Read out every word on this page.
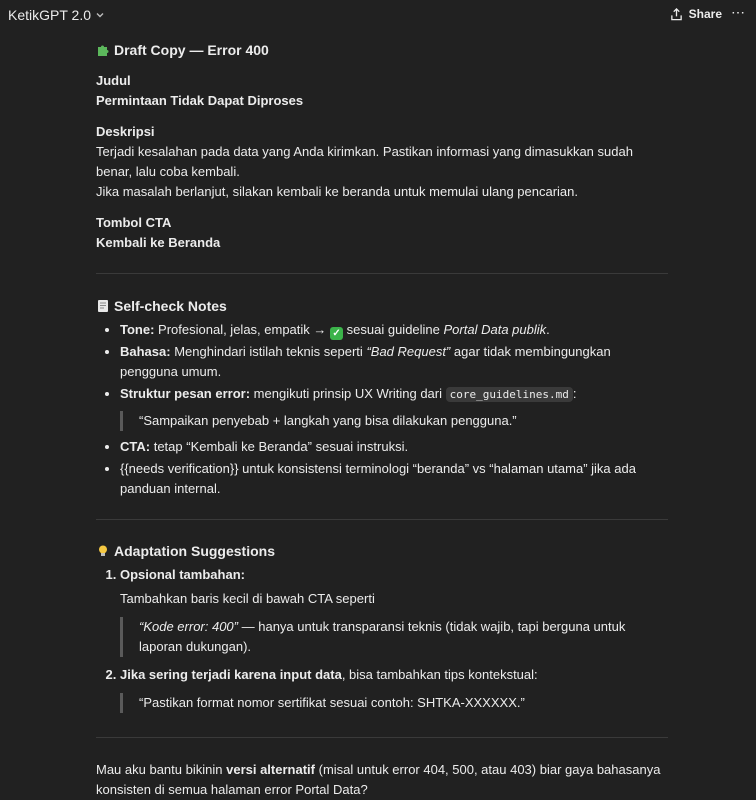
KetikGPT 2.0	Share ⋯
Draft Copy — Error 400

Judul

Permintaan Tidak Dapat Diproses

Deskripsi

Terjadi kesalahan pada data yang Anda kirimkan. Pastikan informasi yang dimasukkan sudah benar, lalu coba kembali.

Jika masalah berlanjut, silakan kembali ke beranda untuk memulai ulang pencarian.

Tombol CTA

Kembali ke Beranda

Self-check Notes
• Tone: Profesional, jelas, empatik → ✓ sesuai guideline Portal Data publik.
• Bahasa: Menghindari istilah teknis seperti “Bad Request” agar tidak membingungkan pengguna umum.
• Struktur pesan error: mengikuti prinsip UX Writing dari core_guidelines.md :
“Sampaikan penyebab + langkah yang bisa dilakukan pengguna.”
• CTA: tetap “Kembali ke Beranda” sesuai instruksi.
• {{needs verification}} untuk konsistensi terminologi “beranda” vs “halaman utama” jika ada panduan internal.
Adaptation Suggestions
1. Opsional tambahan:
Tambahkan baris kecil di bawah CTA seperti
“Kode error: 400” — hanya untuk transparansi teknis (tidak wajib, tapi berguna untuk laporan dukungan).
2. Jika sering terjadi karena input data, bisa tambahkan tips kontekstual:
“Pastikan format nomor sertifikat sesuai contoh: SHTKA-XXXXXX.”

Mau aku bantu bikinin versi alternatif (misal untuk error 404, 500, atau 403) biar gaya bahasanya konsisten di semua halaman error Portal Data?
